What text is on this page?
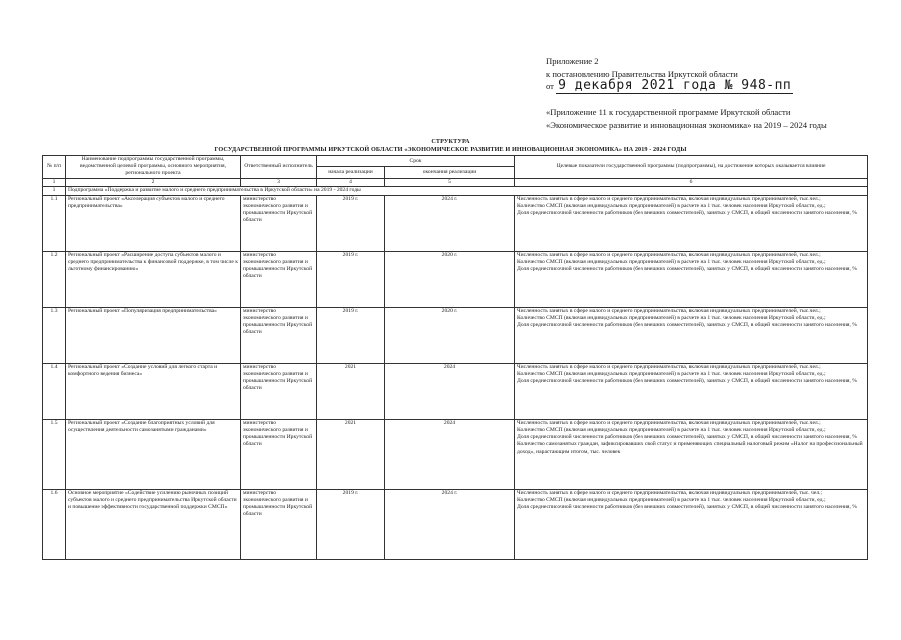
Приложение 2
к постановлению Правительства Иркутской области
от 9 декабря 2021 года № 948-пп
«Приложение 11 к государственной программе Иркутской области
«Экономическое развитие и инновационная экономика» на 2019 – 2024 годы
СТРУКТУРА
ГОСУДАРСТВЕННОЙ ПРОГРАММЫ ИРКУТСКОЙ ОБЛАСТИ «ЭКОНОМИЧЕСКОЕ РАЗВИТИЕ И ИННОВАЦИОННАЯ ЭКОНОМИКА» НА 2019 - 2024 ГОДЫ
№ п/п	Наименование подпрограммы государственной программы, ведомственной целевой программы, основного мероприятия, регионального проекта	Ответственный исполнитель	Срок		Целевые показатели государственной программы (подпрограммы), на достижение которых оказывается влияние
			начала реализации	окончания реализации	
1	2	3	4	5	6
1	Подпрограмма «Поддержка и развитие малого и среднего предпринимательства в Иркутской области» на 2019 - 2024 годы				
1.1	Региональный проект «Акселерация субъектов малого и среднего предпринимательства»	министерство экономического развития и промышленности Иркутской области	2019 г.	2024 г.	Численность занятых в сфере малого и среднего предпринимательства, включая индивидуальных предпринимателей, тыс.чел.;
Количество СМСП (включая индивидуальных предпринимателей) в расчете на 1 тыс. человек населения Иркутской области, ед.;
Доля среднесписочной численности работников (без внешних совместителей), занятых у СМСП, в общей численности занятого населения, %
1.2	Региональный проект «Расширение доступа субъектов малого и среднего предпринимательства к финансовой поддержке, в том числе к льготному финансированию»	министерство экономического развития и промышленности Иркутской области	2019 г.	2020 г.	Численность занятых в сфере малого и среднего предпринимательства, включая индивидуальных предпринимателей, тыс.чел.;
Количество СМСП (включая индивидуальных предпринимателей) в расчете на 1 тыс. человек населения Иркутской области, ед.;
Доля среднесписочной численности работников (без внешних совместителей), занятых у СМСП, в общей численности занятого населения, %
1.3	Региональный проект «Популяризация предпринимательства»	министерство экономического развития и промышленности Иркутской области	2019 г.	2020 г.	Численность занятых в сфере малого и среднего предпринимательства, включая индивидуальных предпринимателей, тыс.чел.;
Количество СМСП (включая индивидуальных предпринимателей) в расчете на 1 тыс. человек населения Иркутской области, ед.;
Доля среднесписочной численности работников (без внешних совместителей), занятых у СМСП, в общей численности занятого населения, %
1.4	Региональный проект «Создание условий для легкого старта и комфортного ведения бизнеса»	министерство экономического развития и промышленности Иркутской области	2021	2024	Численность занятых в сфере малого и среднего предпринимательства, включая индивидуальных предпринимателей, тыс.чел.;
Количество СМСП (включая индивидуальных предпринимателей) в расчете на 1 тыс. человек населения Иркутской области, ед.;
Доля среднесписочной численности работников (без внешних совместителей), занятых у СМСП, в общей численности занятого населения, %
1.5	Региональный проект «Создание благоприятных условий для осуществления деятельности самозанятыми гражданами»	министерство экономического развития и промышленности Иркутской области	2021	2024	Численность занятых в сфере малого и среднего предпринимательства, включая индивидуальных предпринимателей, тыс.чел.;
Количество СМСП (включая индивидуальных предпринимателей) в расчете на 1 тыс. человек населения Иркутской области, ед.;
Доля среднесписочной численности работников (без внешних совместителей), занятых у СМСП, в общей численности занятого населения, %
Количество самозанятых граждан, зафиксировавших свой статус и применяющих специальный налоговый режим «Налог на профессиональный доход», нарастающим итогом, тыс. человек
1.6	Основное мероприятие «Содействие усилению рыночных позиций субъектов малого и среднего предпринимательства Иркутской области и повышение эффективности государственной поддержки СМСП»	министерство экономического развития и промышленности Иркутской области	2019 г.	2024 г.	Численность занятых в сфере малого и среднего предпринимательства, включая индивидуальных предпринимателей, тыс. чел.;
Количество СМСП (включая индивидуальных предпринимателей) в расчете на 1 тыс. человек населения Иркутской области, ед.;
Доля среднесписочной численности работников (без внешних совместителей), занятых у СМСП, в общей численности занятого населения, %
